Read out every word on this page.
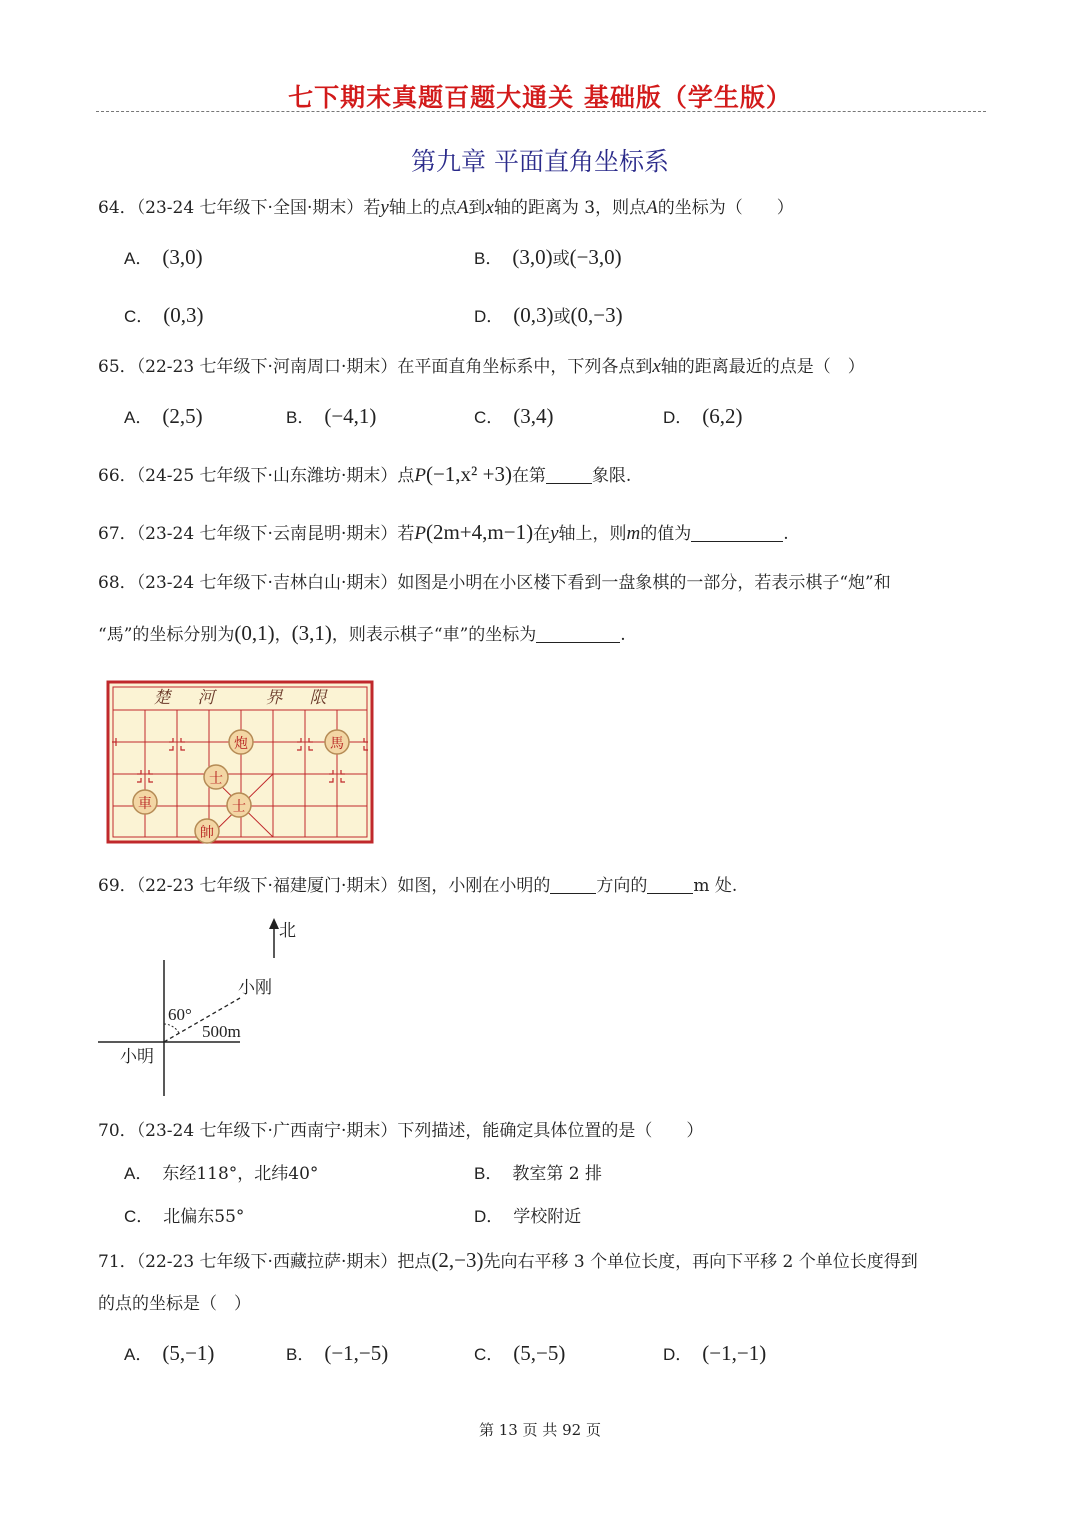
七下期末真题百题大通关 基础版（学生版）
第九章 平面直角坐标系
64．（23-24 七年级下·全国·期末）若y轴上的点A到x轴的距离为 3，则点A的坐标为（　　）
A． (3,0)	B． (3,0)或(−3,0)
C． (0,3)	D． (0,3)或(0,−3)
65．（22-23 七年级下·河南周口·期末）在平面直角坐标系中，下列各点到x轴的距离最近的点是（　）
A． (2,5)	B． (−4,1)	C． (3,4)	D． (6,2)
66．（24-25 七年级下·山东潍坊·期末）点P(−1,x² +3)在第	象限.
67．（23-24 七年级下·云南昆明·期末）若P(2m+4,m−1)在y轴上，则m的值为	.
68．（23-24 七年级下·吉林白山·期末）如图是小明在小区楼下看到一盘象棋的一部分，若表示棋子“炮”和
“馬”的坐标分别为(0,1)，(3,1)，则表示棋子“車”的坐标为	.
楚 河	界 限
炮	馬
士
車	士
帥
69．（22-23 七年级下·福建厦门·期末）如图，小刚在小明的	方向的	m 处.
北
小刚
60°
500m
小明
70．（23-24 七年级下·广西南宁·期末）下列描述，能确定具体位置的是（　　）
A． 东经118°，北纬40°	B． 教室第 2 排
C． 北偏东55°	D． 学校附近
71．（22-23 七年级下·西藏拉萨·期末）把点(2,−3)先向右平移 3 个单位长度，再向下平移 2 个单位长度得到
的点的坐标是（　）
A． (5,−1)	B． (−1,−5)	C． (5,−5)	D． (−1,−1)
第 13 页 共 92 页
